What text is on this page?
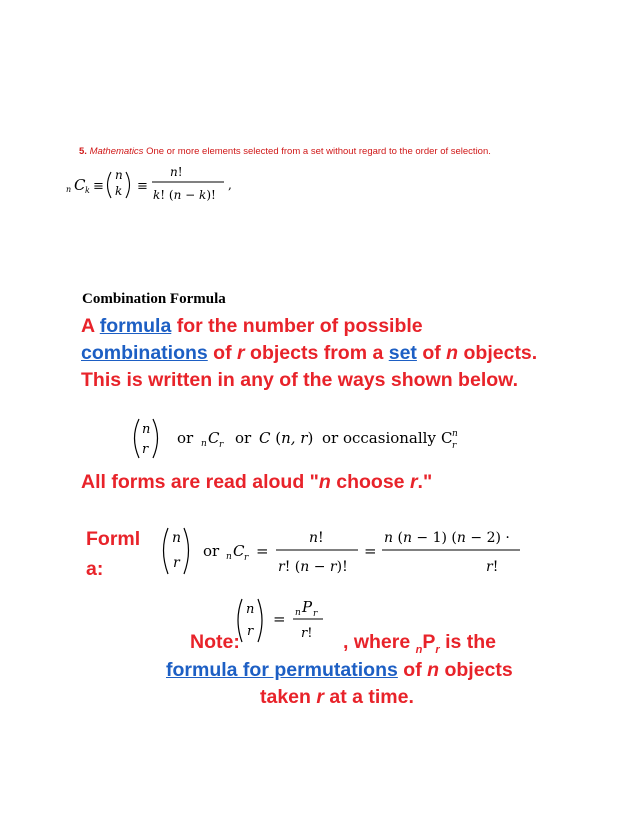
5. Mathematics One or more elements selected from a set without regard to the order of selection.
n C k ≡
n
k ≡
n!
k! (n − k)!
,
Combination Formula
A formula for the number of possible combinations of r objects from a set of n objects. This is written in any of the ways shown below.
n
r
or n C r or C (n, r) or occasionally C n
r
All forms are read aloud "n choose r."
Forml
a:
n
r
or n C r =
n!
r! (n − r)!
=
n (n − 1) (n − 2) ·
r!
n
r
= n P r
r!
Note:	, where $_nP_r$ is the
formula for permutations of n objects
taken r at a time.
